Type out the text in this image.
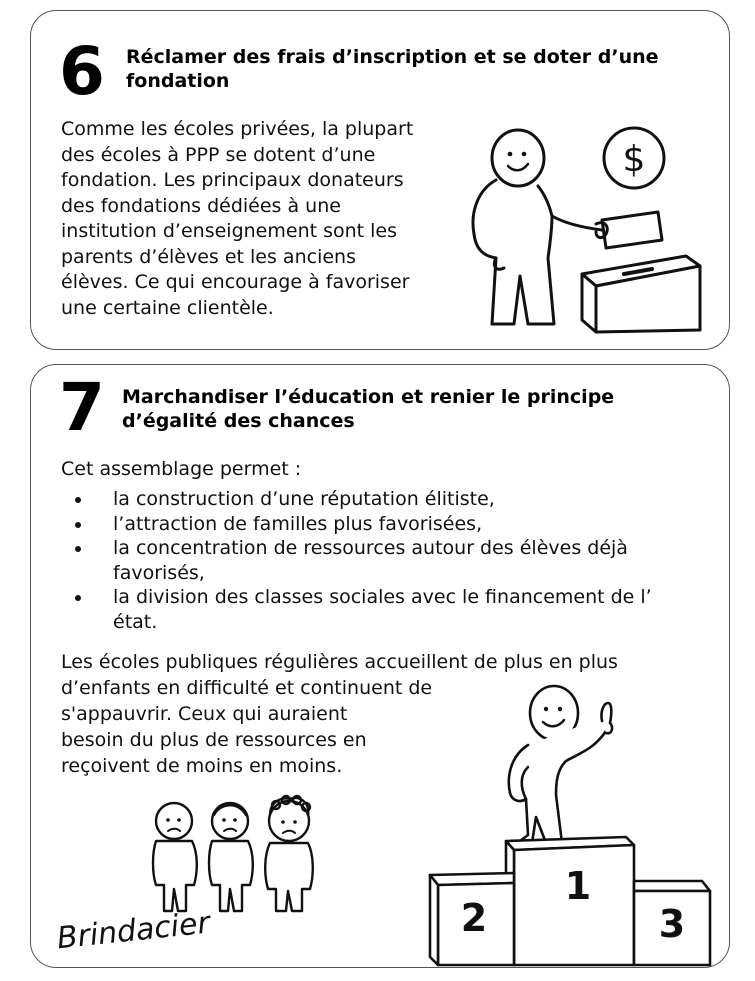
6 Réclamer des frais d’inscription et se doter d’une
fondation
Comme les écoles privées, la plupart
des écoles à PPP se dotent d’une
fondation. Les principaux donateurs
des fondations dédiées à une
institution d’enseignement sont les
parents d’élèves et les anciens
élèves. Ce qui encourage à favoriser
une certaine clientèle.
$
7 Marchandiser l’éducation et renier le principe
d’égalité des chances
Cet assemblage permet :
la construction d’une réputation élitiste,
l’attraction de familles plus favorisées,
la concentration de ressources autour des élèves déjà
favorisés,
la division des classes sociales avec le financement de l’
état.
Les écoles publiques régulières accueillent de plus en plus
d’enfants en difficulté et continuent de
s'appauvrir. Ceux qui auraient
besoin du plus de ressources en
reçoivent de moins en moins.
Brindacier
1
2	3
